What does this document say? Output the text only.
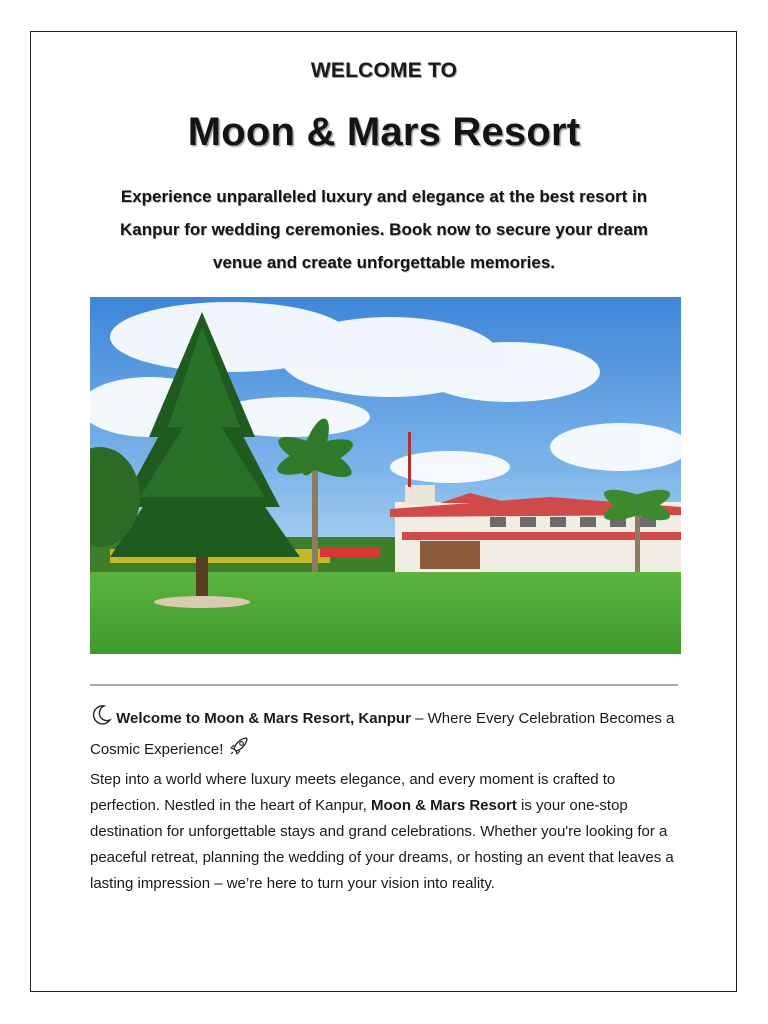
WELCOME TO
Moon & Mars Resort
Experience unparalleled luxury and elegance at the best resort in Kanpur for wedding ceremonies. Book now to secure your dream venue and create unforgettable memories.
Welcome to Moon & Mars Resort, Kanpur – Where Every Celebration Becomes a Cosmic Experience!
Step into a world where luxury meets elegance, and every moment is crafted to perfection. Nestled in the heart of Kanpur, Moon & Mars Resort is your one-stop destination for unforgettable stays and grand celebrations. Whether you're looking for a peaceful retreat, planning the wedding of your dreams, or hosting an event that leaves a lasting impression – we’re here to turn your vision into reality.
